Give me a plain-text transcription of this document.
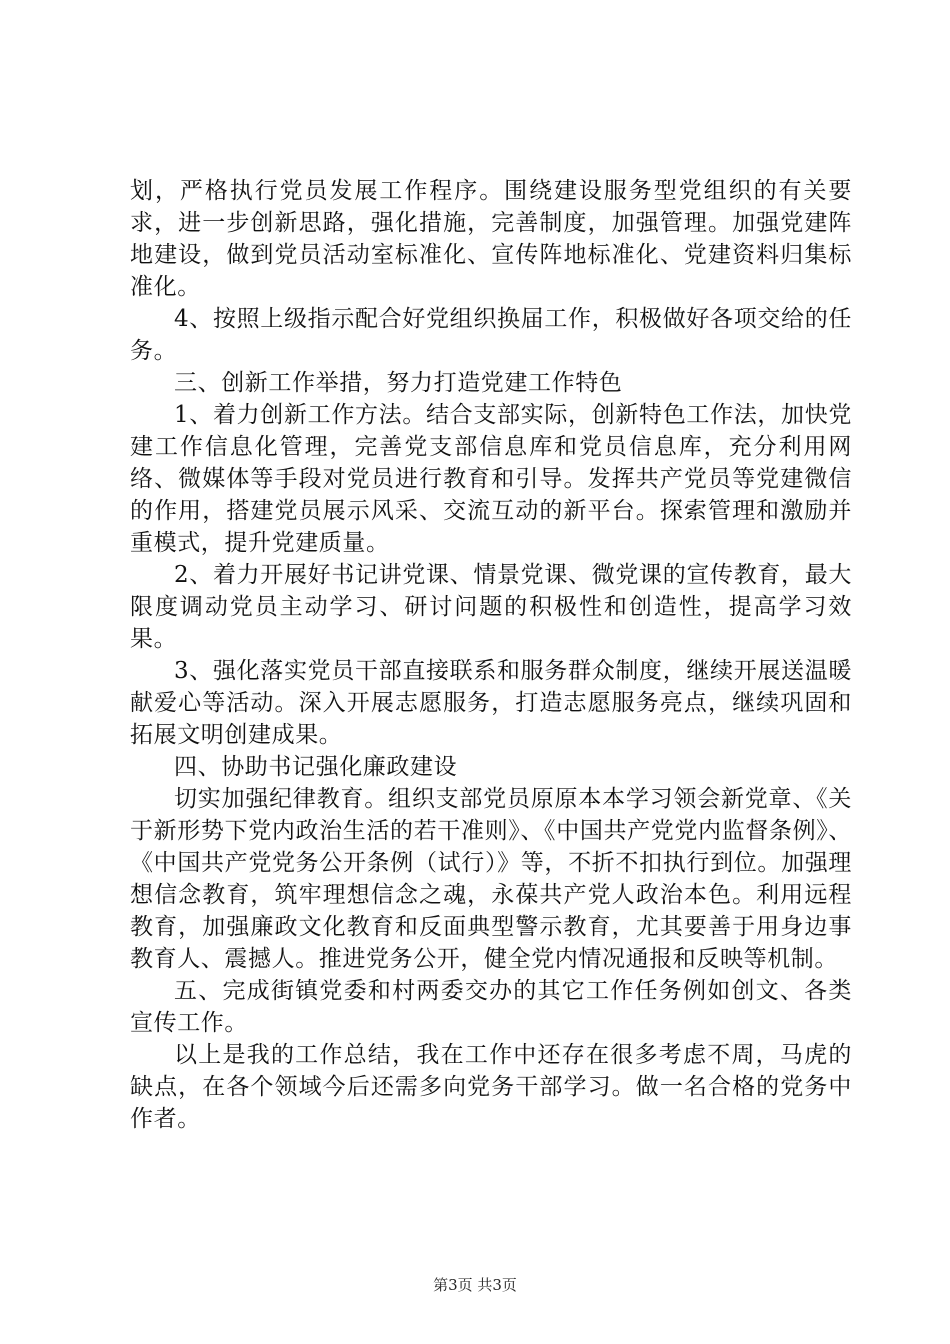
划，严格执行党员发展工作程序。围绕建设服务型党组织的有关要求，进一步创新思路，强化措施，完善制度，加强管理。加强党建阵地建设，做到党员活动室标准化、宣传阵地标准化、党建资料归集标准化。

4、按照上级指示配合好党组织换届工作，积极做好各项交给的任务。

三、创新工作举措，努力打造党建工作特色

1、着力创新工作方法。结合支部实际，创新特色工作法，加快党建工作信息化管理，完善党支部信息库和党员信息库，充分利用网络、微媒体等手段对党员进行教育和引导。发挥共产党员等党建微信的作用，搭建党员展示风采、交流互动的新平台。探索管理和激励并重模式，提升党建质量。

2、着力开展好书记讲党课、情景党课、微党课的宣传教育，最大限度调动党员主动学习、研讨问题的积极性和创造性，提高学习效果。

3、强化落实党员干部直接联系和服务群众制度，继续开展送温暖献爱心等活动。深入开展志愿服务，打造志愿服务亮点，继续巩固和拓展文明创建成果。

四、协助书记强化廉政建设

切实加强纪律教育。组织支部党员原原本本学习领会新党章、《关于新形势下党内政治生活的若干准则》、《中国共产党党内监督条例》、《中国共产党党务公开条例（试行）》等，不折不扣执行到位。加强理想信念教育，筑牢理想信念之魂，永葆共产党人政治本色。利用远程教育，加强廉政文化教育和反面典型警示教育，尤其要善于用身边事教育人、震撼人。推进党务公开，健全党内情况通报和反映等机制。

五、完成街镇党委和村两委交办的其它工作任务例如创文、各类宣传工作。

以上是我的工作总结，我在工作中还存在很多考虑不周，马虎的缺点，在各个领域今后还需多向党务干部学习。做一名合格的党务中作者。

第3页 共3页
